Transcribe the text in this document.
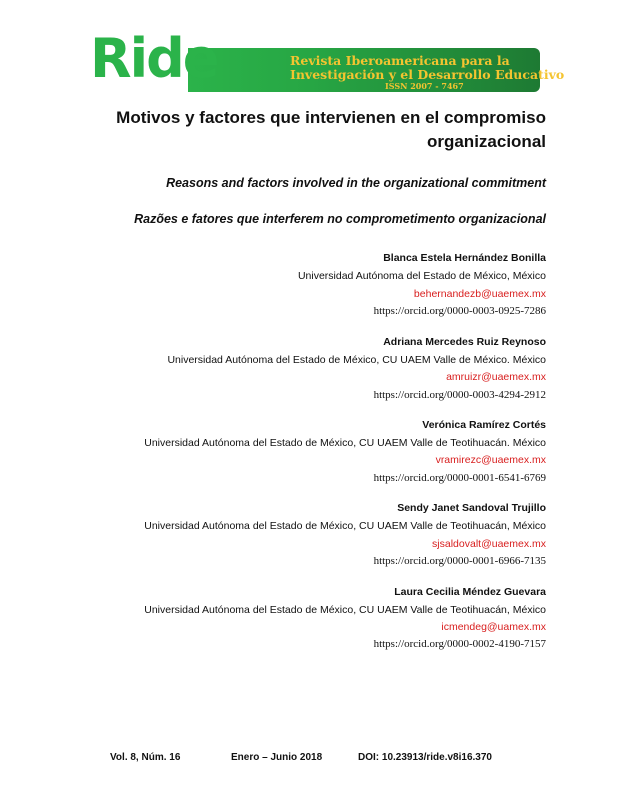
Ride	Revista Iberoamericana para la
Investigación y el Desarrollo Educativo
ISSN 2007 - 7467
Motivos y factores que intervienen en el compromiso
organizacional
Reasons and factors involved in the organizational commitment
Razões e fatores que interferem no comprometimento organizacional
Blanca Estela Hernández Bonilla
Universidad Autónoma del Estado de México, México
behernandezb@uaemex.mx
https://orcid.org/0000-0003-0925-7286
Adriana Mercedes Ruiz Reynoso
Universidad Autónoma del Estado de México, CU UAEM Valle de México. México
amruizr@uaemex.mx
https://orcid.org/0000-0003-4294-2912
Verónica Ramírez Cortés
Universidad Autónoma del Estado de México, CU UAEM Valle de Teotihuacán. México
vramirezc@uaemex.mx
https://orcid.org/0000-0001-6541-6769
Sendy Janet Sandoval Trujillo
Universidad Autónoma del Estado de México, CU UAEM Valle de Teotihuacán, México
sjsaldovalt@uaemex.mx
https://orcid.org/0000-0001-6966-7135
Laura Cecilia Méndez Guevara
Universidad Autónoma del Estado de México, CU UAEM Valle de Teotihuacán, México
icmendeg@uamex.mx
https://orcid.org/0000-0002-4190-7157
Vol. 8, Núm. 16	Enero – Junio 2018	DOI: 10.23913/ride.v8i16.370
